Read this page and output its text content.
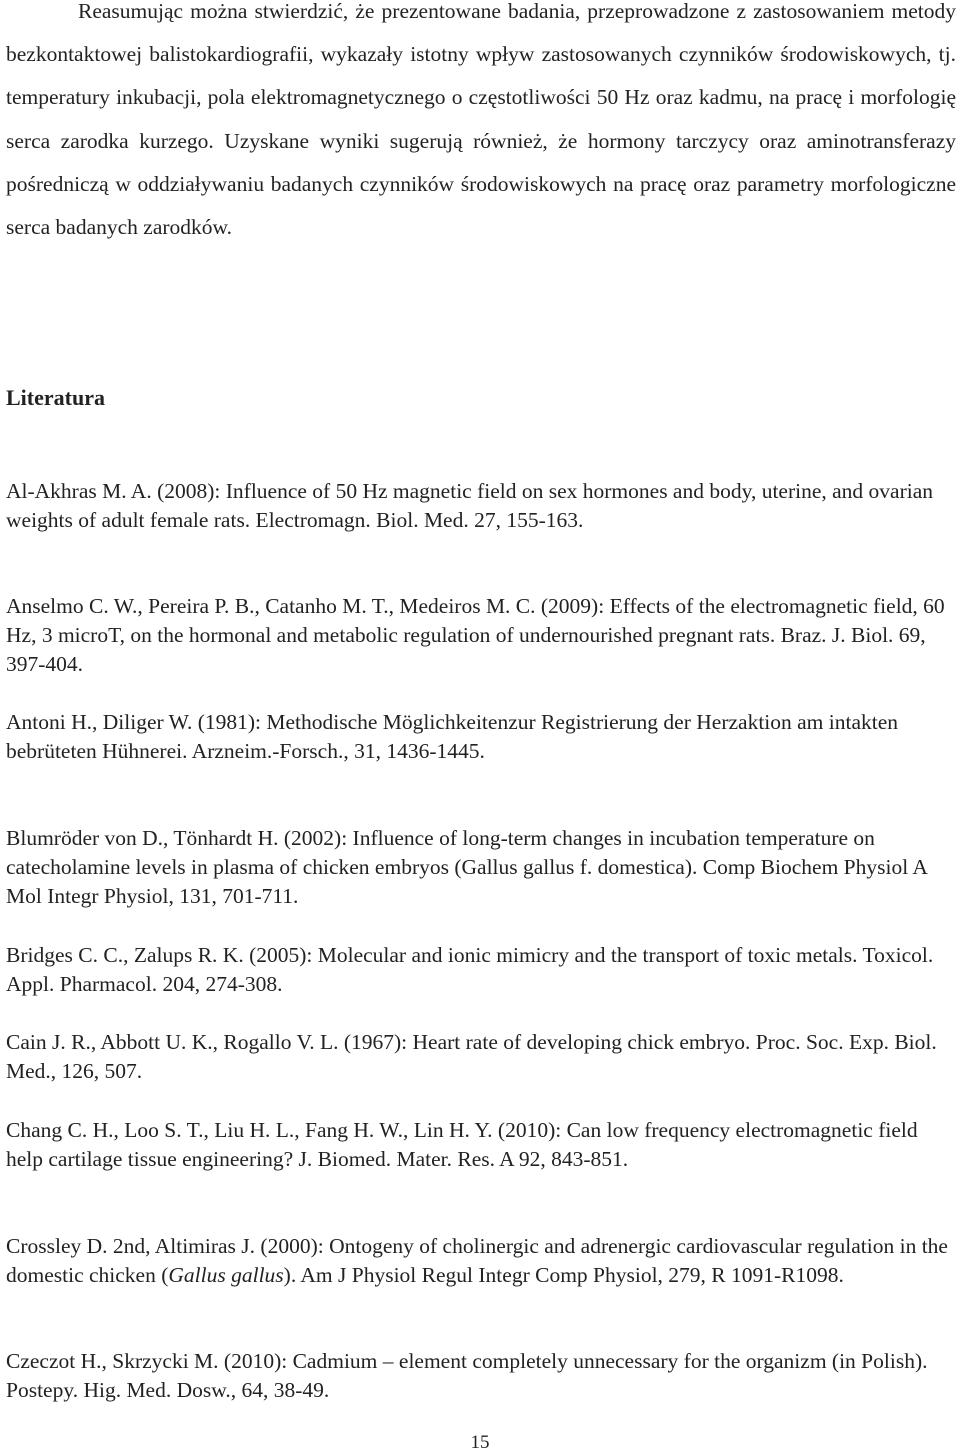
Reasumując można stwierdzić, że prezentowane badania, przeprowadzone z zastosowaniem metody bezkontaktowej balistokardiografii, wykazały istotny wpływ zastosowanych czynników środowiskowych, tj. temperatury inkubacji, pola elektromagnetycznego o częstotliwości 50 Hz oraz kadmu, na pracę i morfologię serca zarodka kurzego. Uzyskane wyniki sugerują również, że hormony tarczycy oraz aminotransferazy pośredniczą w oddziaływaniu badanych czynników środowiskowych na pracę oraz parametry morfologiczne serca badanych zarodków.

Literatura

Al-Akhras M. A. (2008): Influence of 50 Hz magnetic field on sex hormones and body, uterine, and ovarian weights of adult female rats. Electromagn. Biol. Med. 27, 155-163.

Anselmo C. W., Pereira P. B., Catanho M. T., Medeiros M. C. (2009): Effects of the electromagnetic field, 60 Hz, 3 microT, on the hormonal and metabolic regulation of undernourished pregnant rats. Braz. J. Biol. 69, 397-404.

Antoni H., Diliger W. (1981): Methodische Möglichkeitenzur Registrierung der Herzaktion am intakten bebrüteten Hühnerei. Arzneim.-Forsch., 31, 1436-1445.

Blumröder von D., Tönhardt H. (2002): Influence of long-term changes in incubation temperature on catecholamine levels in plasma of chicken embryos (Gallus gallus f. domestica). Comp Biochem Physiol A Mol Integr Physiol, 131, 701-711.

Bridges C. C., Zalups R. K. (2005): Molecular and ionic mimicry and the transport of toxic metals. Toxicol. Appl. Pharmacol. 204, 274-308.

Cain J. R., Abbott U. K., Rogallo V. L. (1967): Heart rate of developing chick embryo. Proc. Soc. Exp. Biol. Med., 126, 507.

Chang C. H., Loo S. T., Liu H. L., Fang H. W., Lin H. Y. (2010): Can low frequency electromagnetic field help cartilage tissue engineering? J. Biomed. Mater. Res. A 92, 843-851.

Crossley D. 2nd, Altimiras J. (2000): Ontogeny of cholinergic and adrenergic cardiovascular regulation in the domestic chicken (Gallus gallus). Am J Physiol Regul Integr Comp Physiol, 279, R 1091-R1098.

Czeczot H., Skrzycki M. (2010): Cadmium – element completely unnecessary for the organizm (in Polish). Postepy. Hig. Med. Dosw., 64, 38-49.

15
